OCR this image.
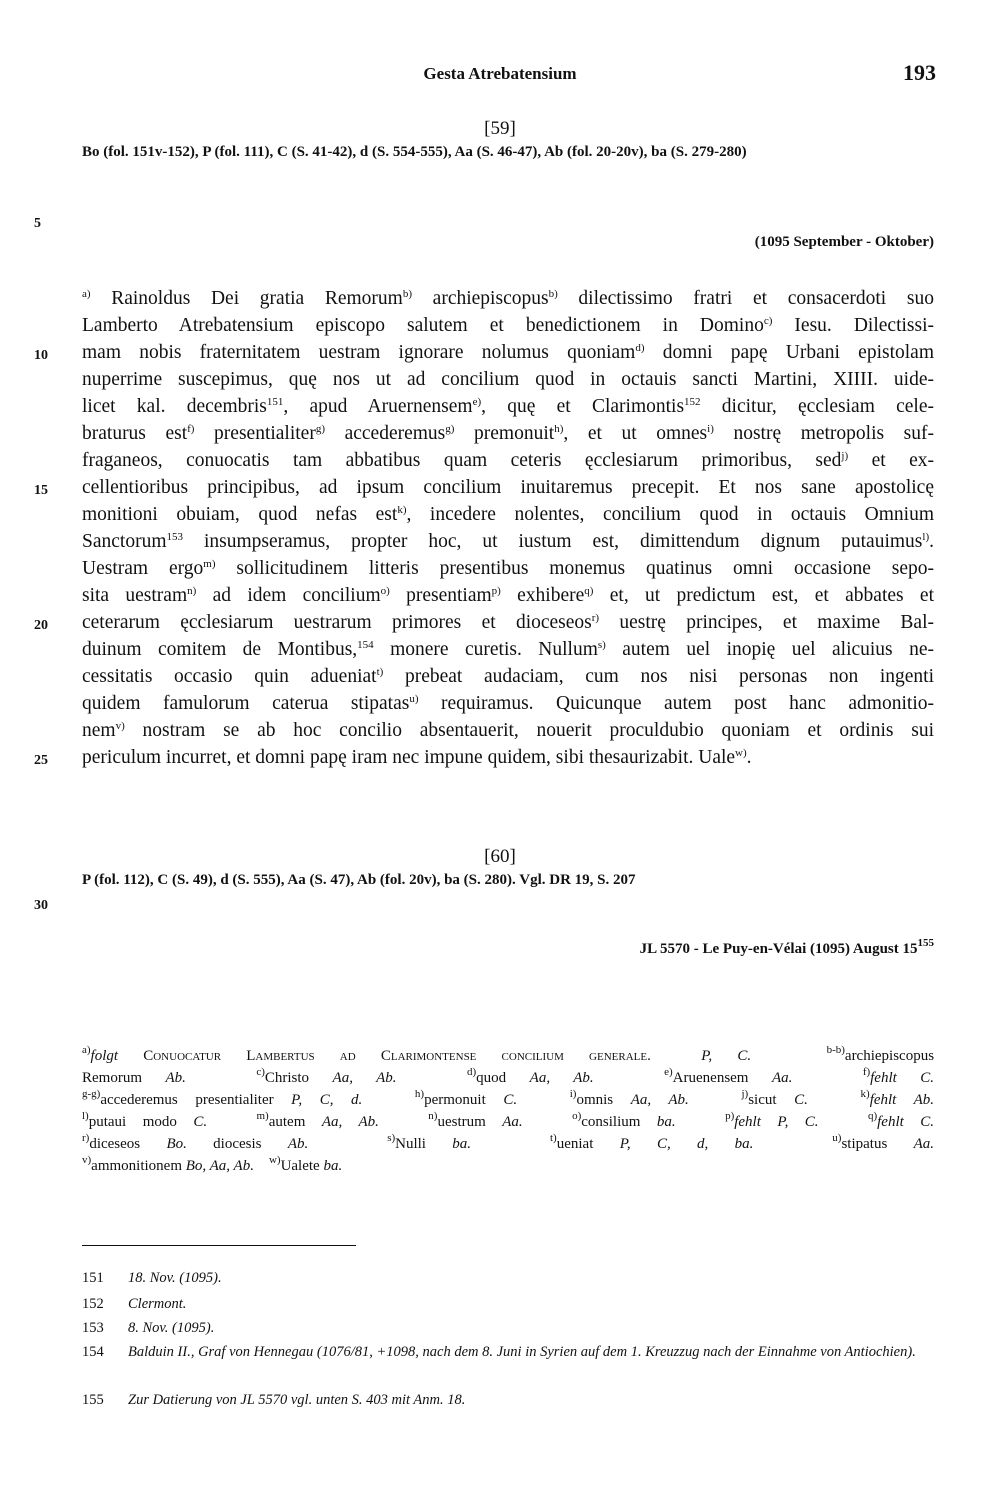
Gesta Atrebatensium	193
[59]
Bo (fol. 151v-152), P (fol. 111), C (S. 41-42), d (S. 554-555), Aa (S. 46-47), Ab (fol. 20-20v), ba (S. 279-280)
5
(1095 September - Oktober)
$^{a)}$ Rainoldus Dei gratia Remorum$^{b)}$ archiepiscopus$^{b)}$ dilectissimo fratri et consacerdoti suo
Lamberto Atrebatensium episcopo salutem et benedictionem in Domino$^{c)}$ Iesu. Dilectissi-
mam nobis fraternitatem uestram ignorare nolumus quoniam$^{d)}$ domni papę Urbani epistolam
nuperrime suscepimus, quę nos ut ad concilium quod in octauis sancti Martini, XIIII. uide-
licet kal. decembris$^{151}$, apud Aruernensem$^{e)}$, quę et Clarimontis$^{152}$ dicitur, ęcclesiam cele-
braturus est$^{f)}$ presentialiter$^{g)}$ accederemus$^{g)}$ premonuit$^{h)}$, et ut omnes$^{i)}$ nostrę metropolis suf-
fraganeos, conuocatis tam abbatibus quam ceteris ęcclesiarum primoribus, sed$^{j)}$ et ex-
cellentioribus principibus, ad ipsum concilium inuitaremus precepit. Et nos sane apostolicę
monitioni obuiam, quod nefas est$^{k)}$, incedere nolentes, concilium quod in octauis Omnium
Sanctorum$^{153}$ insumpseramus, propter hoc, ut iustum est, dimittendum dignum putauimus$^{l)}$.
Uestram ergo$^{m)}$ sollicitudinem litteris presentibus monemus quatinus omni occasione sepo-
sita uestram$^{n)}$ ad idem concilium$^{o)}$ presentiam$^{p)}$ exhibere$^{q)}$ et, ut predictum est, et abbates et
ceterarum ęcclesiarum uestrarum primores et dioceseos$^{r)}$ uestrę principes, et maxime Bal-
duinum comitem de Montibus,$^{154}$ monere curetis. Nullum$^{s)}$ autem uel inopię uel alicuius ne-
cessitatis occasio quin adueniat$^{t)}$ prebeat audaciam, cum nos nisi personas non ingenti
quidem famulorum caterua stipatas$^{u)}$ requiramus. Quicunque autem post hanc admonitio-
nem$^{v)}$ nostram se ab hoc concilio absentauerit, nouerit proculdubio quoniam et ordinis sui
periculum incurret, et domni papę iram nec impune quidem, sibi thesaurizabit. Uale$^{w)}$.
10
15
20
25
[60]
P (fol. 112), C (S. 49), d (S. 555), Aa (S. 47), Ab (fol. 20v), ba (S. 280). Vgl. DR 19, S. 207
30
JL 5570 - Le Puy-en-Vélai (1095) August $15^{155}$
$^{a)}$folgt Conuocatur Lambertus ad Clarimontense concilium generale.	P, C.	$^{b-b)}$archiepiscopus
Remorum Ab.	$^{c)}$Christo Aa, Ab.	$^{d)}$quod Aa, Ab.	$^{e)}$Aruenensem Aa.	$^{f)}$fehlt C.
$^{g-g)}$accederemus presentialiter P, C, d.	$^{h)}$permonuit C.	$^{i)}$omnis Aa, Ab.	$^{j)}$sicut C.	$^{k)}$fehlt Ab.
$^{l)}$putaui modo C.	$^{m)}$autem Aa, Ab.	$^{n)}$uestrum Aa.	$^{o)}$consilium ba.	$^{p)}$fehlt P, C.	$^{q)}$fehlt C.
$^{r)}$diceseos Bo. diocesis Ab.	$^{s)}$Nulli ba.	$^{t)}$ueniat P, C, d, ba.	$^{u)}$stipatus Aa.
$^{v)}$ammonitionem Bo, Aa, Ab. $^{w)}$Ualete ba.
151 18. Nov. (1095).
152 Clermont.
153 8. Nov. (1095).
154	Balduin II., Graf von Hennegau (1076/81, +1098, nach dem 8. Juni in Syrien auf dem 1. Kreuzzug nach der Einnahme von Antiochien).
155 Zur Datierung von JL 5570 vgl. unten S. 403 mit Anm. 18.
